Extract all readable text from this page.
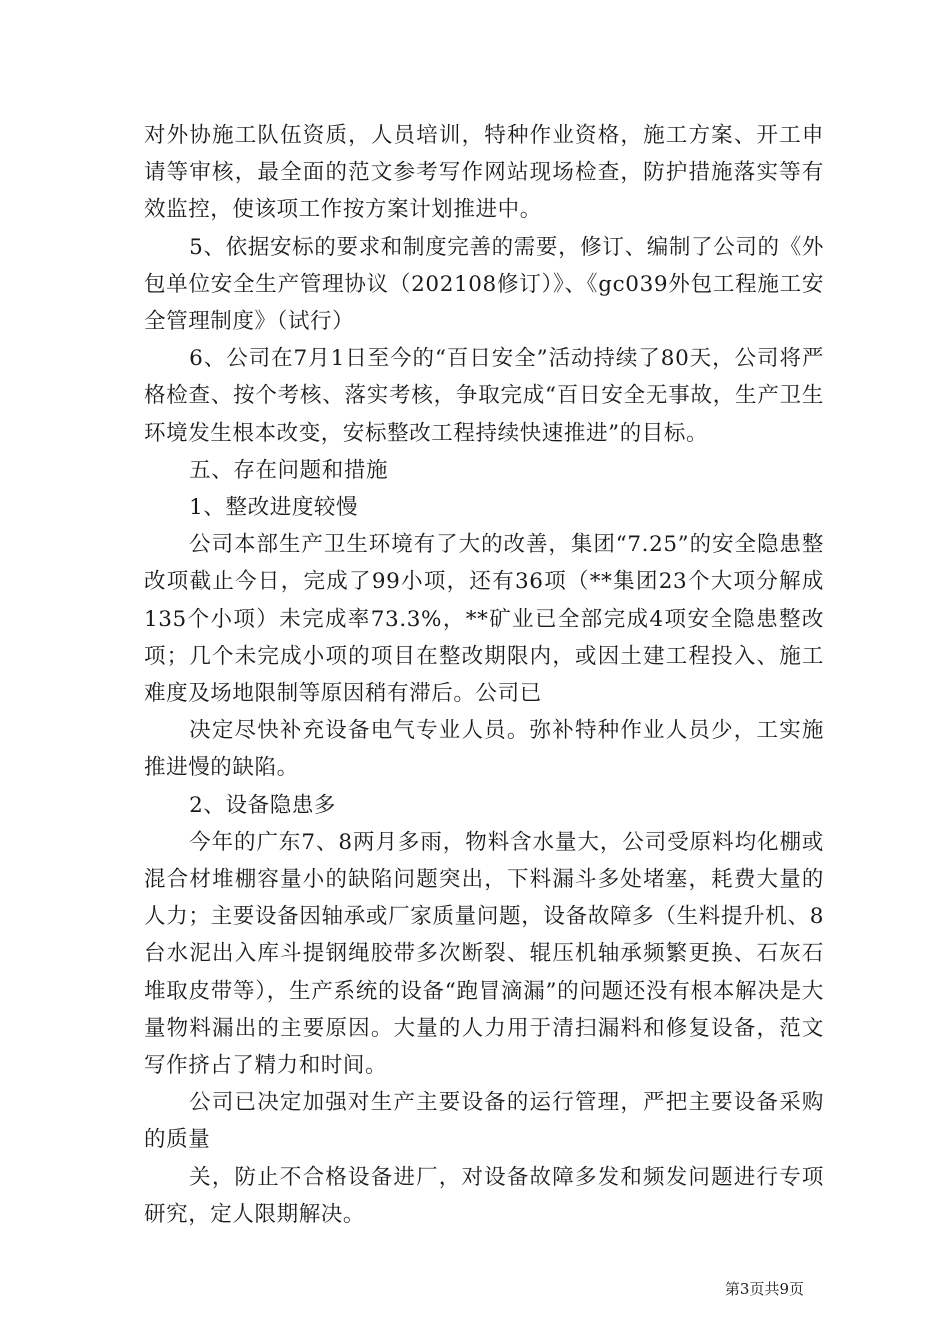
对外协施工队伍资质，人员培训，特种作业资格，施工方案、开工申请等审核，最全面的范文参考写作网站现场检查，防护措施落实等有效监控，使该项工作按方案计划推进中。

5、依据安标的要求和制度完善的需要，修订、编制了公司的《外包单位安全生产管理协议（202108修订）》、《gc039外包工程施工安全管理制度》（试行）

6、公司在7月1日至今的“百日安全”活动持续了80天，公司将严格检查、按个考核、落实考核，争取完成“百日安全无事故，生产卫生环境发生根本改变，安标整改工程持续快速推进”的目标。

五、存在问题和措施

1、整改进度较慢

公司本部生产卫生环境有了大的改善，集团“7.25”的安全隐患整改项截止今日，完成了99小项，还有36项（**集团23个大项分解成135个小项）未完成率73.3%，**矿业已全部完成4项安全隐患整改项；几个未完成小项的项目在整改期限内，或因土建工程投入、施工难度及场地限制等原因稍有滞后。公司已

决定尽快补充设备电气专业人员。弥补特种作业人员少，工实施推进慢的缺陷。

2、设备隐患多

今年的广东7、8两月多雨，物料含水量大，公司受原料均化棚或混合材堆棚容量小的缺陷问题突出，下料漏斗多处堵塞，耗费大量的人力；主要设备因轴承或厂家质量问题，设备故障多（生料提升机、8台水泥出入库斗提钢绳胶带多次断裂、辊压机轴承频繁更换、石灰石堆取皮带等），生产系统的设备“跑冒滴漏”的问题还没有根本解决是大量物料漏出的主要原因。大量的人力用于清扫漏料和修复设备，范文写作挤占了精力和时间。

公司已决定加强对生产主要设备的运行管理，严把主要设备采购的质量

关，防止不合格设备进厂，对设备故障多发和频发问题进行专项研究，定人限期解决。

第3页共9页
